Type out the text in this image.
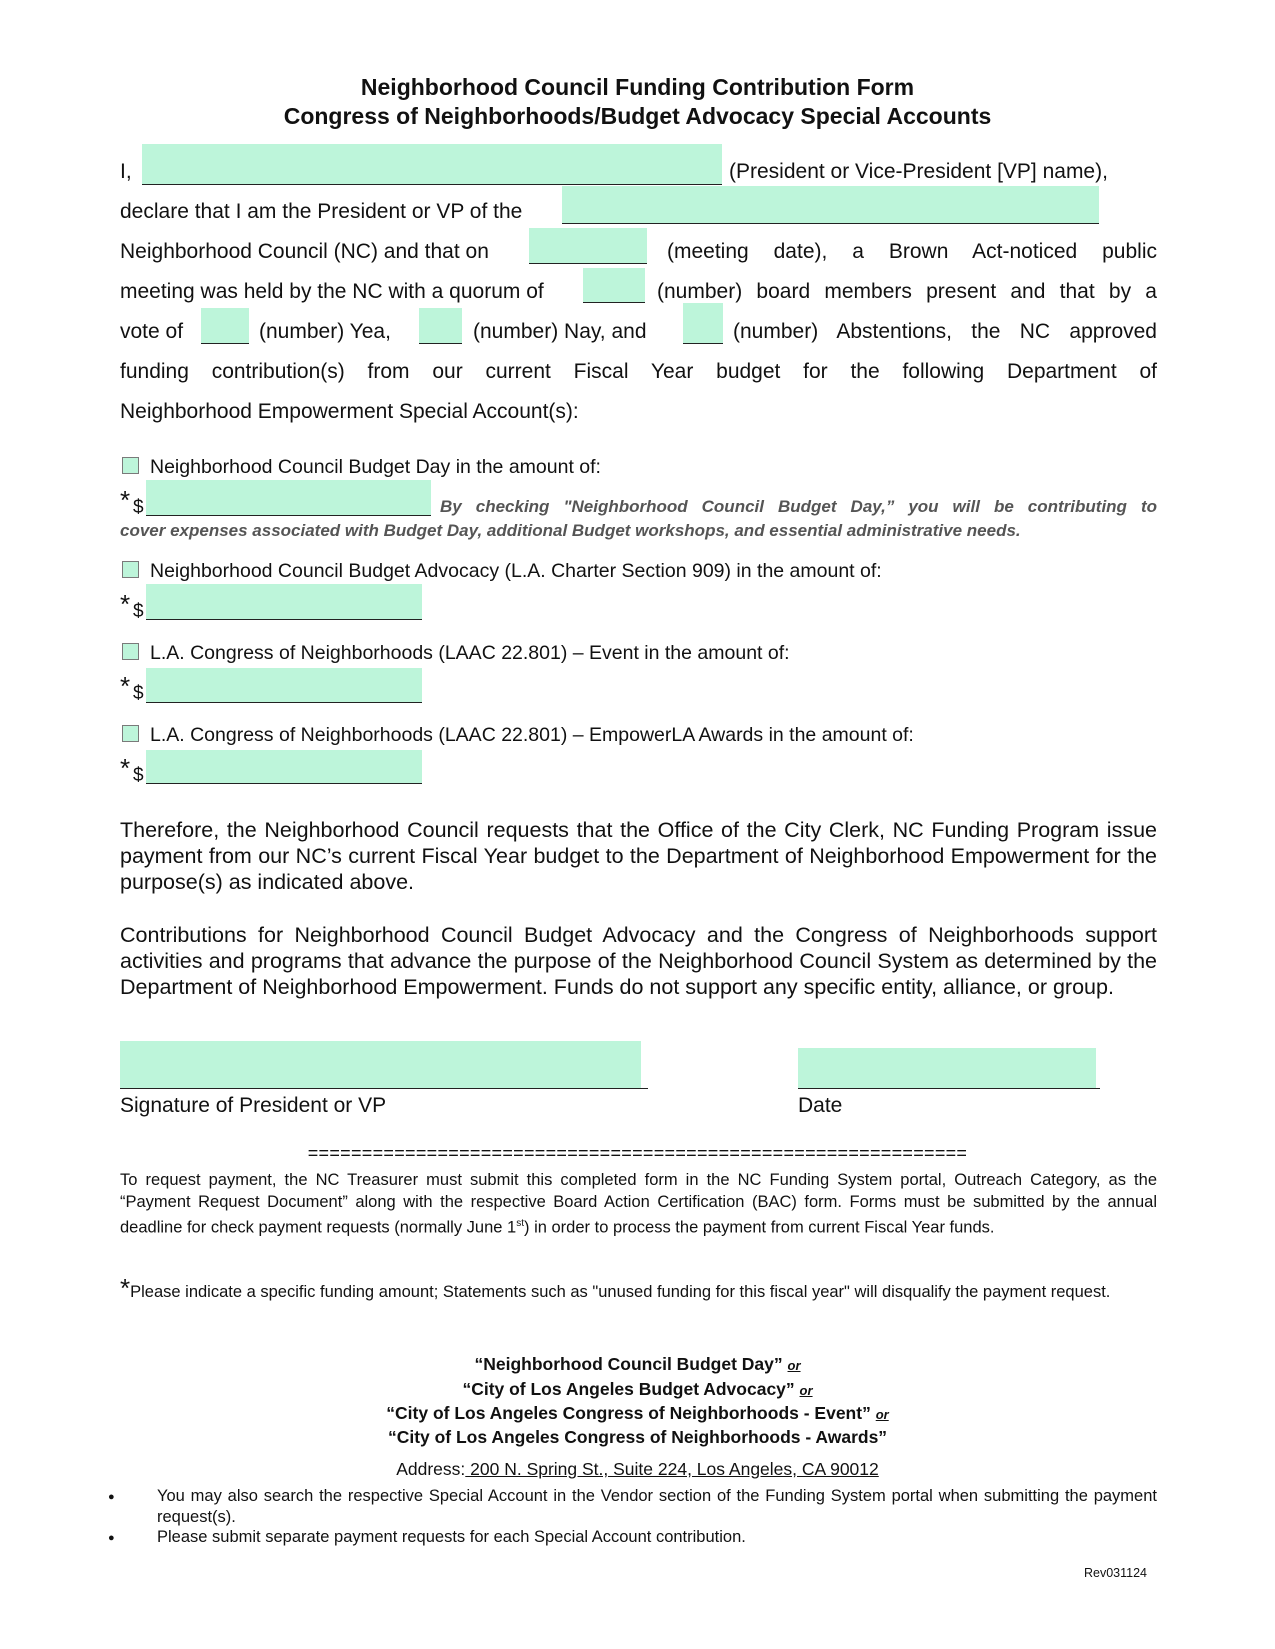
Neighborhood Council Funding Contribution Form
Congress of Neighborhoods/Budget Advocacy Special Accounts
I,	(President or Vice-President [VP] name),
declare that I am the President or VP of the
Neighborhood Council (NC) and that on	(meeting date), a Brown Act-noticed public
meeting was held by the NC with a quorum of	(number) board members present and that by a
vote of	(number) Yea,	(number) Nay, and	(number) Abstentions, the NC approved
funding contribution(s) from our current Fiscal Year budget for the following Department of
Neighborhood Empowerment Special Account(s):
Neighborhood Council Budget Day in the amount of:
* $	By checking "Neighborhood Council Budget Day,” you will be contributing to
cover expenses associated with Budget Day, additional Budget workshops, and essential administrative needs.
Neighborhood Council Budget Advocacy (L.A. Charter Section 909) in the amount of:
* $
L.A. Congress of Neighborhoods (LAAC 22.801) – Event in the amount of:
* $
L.A. Congress of Neighborhoods (LAAC 22.801) – EmpowerLA Awards in the amount of:
* $
Therefore, the Neighborhood Council requests that the Office of the City Clerk, NC Funding Program issue payment from our NC’s current Fiscal Year budget to the Department of Neighborhood Empowerment for the purpose(s) as indicated above.
Contributions for Neighborhood Council Budget Advocacy and the Congress of Neighborhoods support activities and programs that advance the purpose of the Neighborhood Council System as determined by the Department of Neighborhood Empowerment. Funds do not support any specific entity, alliance, or group.
Signature of President or VP	Date
=============================================================
To request payment, the NC Treasurer must submit this completed form in the NC Funding System portal, Outreach Category, as the “Payment Request Document” along with the respective Board Action Certification (BAC) form. Forms must be submitted by the annual deadline for check payment requests (normally June 1st) in order to process the payment from current Fiscal Year funds.
*Please indicate a specific funding amount; Statements such as "unused funding for this fiscal year" will disqualify the payment request.
“Neighborhood Council Budget Day” or
“City of Los Angeles Budget Advocacy” or
“City of Los Angeles Congress of Neighborhoods - Event” or
“City of Los Angeles Congress of Neighborhoods - Awards”
Address: 200 N. Spring St., Suite 224, Los Angeles, CA 90012
●	You may also search the respective Special Account in the Vendor section of the Funding System portal when submitting the payment request(s).
●	Please submit separate payment requests for each Special Account contribution.
Rev031124
